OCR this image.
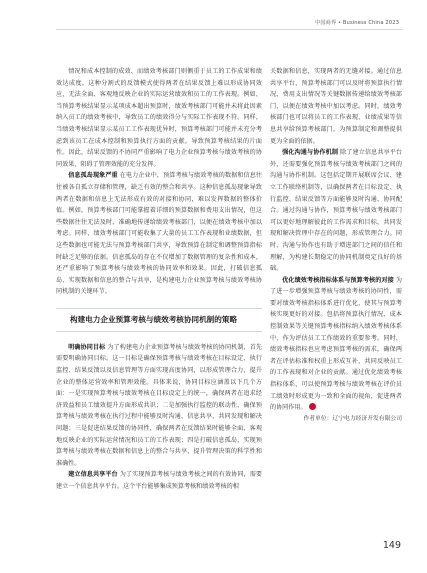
中国商界 • Business China 2023

情况和成本控制的成效、而绩效考核部门则侧重于员工的工作成果和绩效达成度。这种分割式的反馈模式使得两者在结果反馈上难以形成协同效应，无法全面、客观地反映企业的实际运营绩效和员工的工作表现。例如，当预算考核结果显示某项成本超出预算时，绩效考核部门可能并未将此因素纳入员工的绩效考核中，导致员工的绩效得分与实际工作表现不符。同样，当绩效考核结果显示某员工工作表现优异时，预算考核部门可能并未充分考虑到该员工在成本控制和预算执行方面的贡献，导致预算考核结果的片面性。因此，结果反馈的不协同严重影响了电力企业预算考核与绩效考核的协同效果，阻碍了管理效能的充分发挥。

信息孤岛现象严重 在电力企业中，预算考核与绩效考核的数据和信息往往被各自孤立存储和管理，缺乏有效的整合和共享。这种信息孤岛现象导致两者在数据和信息上无法形成有效的对接和协同，难以发挥数据的整体价值。例如，预算考核部门可能掌握着详细的预算数据和费用支出情况，但这些数据往往无法及时、准确地传递给绩效考核部门，以便在绩效考核中加以考虑。同样，绩效考核部门可能收集了大量的员工工作表现和业绩数据，但这些数据也可能无法与预算考核部门共享，导致预算在制定和调整预算指标时缺乏足够的依据。信息孤岛的存在不仅增加了数据管理的复杂性和成本，还严重影响了预算考核与绩效考核的协同效率和效果。因此，打破信息孤岛，实现数据和信息的整合与共享，是构建电力企业预算考核与绩效考核协同机制的关键环节。

构建电力企业预算考核与绩效考核协同机制的策略

明确协同目标 为了构建电力企业预算考核与绩效考核的协同机制，首先需要明确协同目标。这一目标是确保预算考核与绩效考核在目标设定、执行监控、结果反馈以及信息管理等方面实现高度协同，以形成管理合力，提升企业的整体运营效率和管理效能。具体来说，协同目标应涵盖以下几个方面：一是实现预算考核与绩效考核在目标设定上的统一，确保两者在追求经济效益和员工绩效提升方面形成共识；二是加强执行监控的联动性，确保预算考核与绩效考核在执行过程中能够及时沟通、信息共享，共同发现和解决问题；三是促进结果反馈的协同性，确保两者在反馈结果时能够全面、客观地反映企业的实际运营情况和员工的工作表现；四是打破信息孤岛，实现预算考核与绩效考核在数据和信息上的整合与共享，提升管理决策的科学性和准确性。

建立信息共享平台 为了实现预算考核与绩效考核之间的有效协同，需要建立一个信息共享平台。这个平台能够集成预算考核和绩效考核的相

关数据和信息，实现两者的无缝对接。通过信息共享平台，预算考核部门可以及时将预算执行情况、费用支出情况等关键数据传递给绩效考核部门，以便在绩效考核中加以考虑。同时，绩效考核部门也可以将员工的工作表现、业绩成果等信息共享给预算考核部门，为预算制定和调整提供更为全面的依据。

强化沟通与协作机制 除了建立信息共享平台外，还需要强化预算考核与绩效考核部门之间的沟通与协作机制。这包括定期开展联席会议、建立工作联络机制等，以确保两者在目标设定、执行监控、结果反馈等方面能够及时沟通、协同配合。通过沟通与协作，预算考核与绩效考核部门可以更好地理解彼此的工作需求和目标，共同发现和解决管理中存在的问题，形成管理合力。同时，沟通与协作也有助于增进部门之间的信任和理解，为构建长期稳定的协同机制奠定良好的基础。

优化绩效考核指标体系与预算考核的对接 为了进一步增强预算考核与绩效考核的协同性，需要对绩效考核指标体系进行优化，使其与预算考核实现更好的对接。包括将预算执行情况、成本控制效果等关键预算考核指标纳入绩效考核体系中，作为评估员工工作绩效的重要参考。同时，绩效考核指标也应考虑预算考核的需求，确保两者在评估标准和权重上形成互补，共同反映员工的工作表现和对企业的贡献。通过优化绩效考核指标体系，可以使预算考核与绩效考核在评价员工绩效时形成更为一致和全面的视角，促进两者的协同作用。

作者单位：辽宁电力经济开发有限公司

149
